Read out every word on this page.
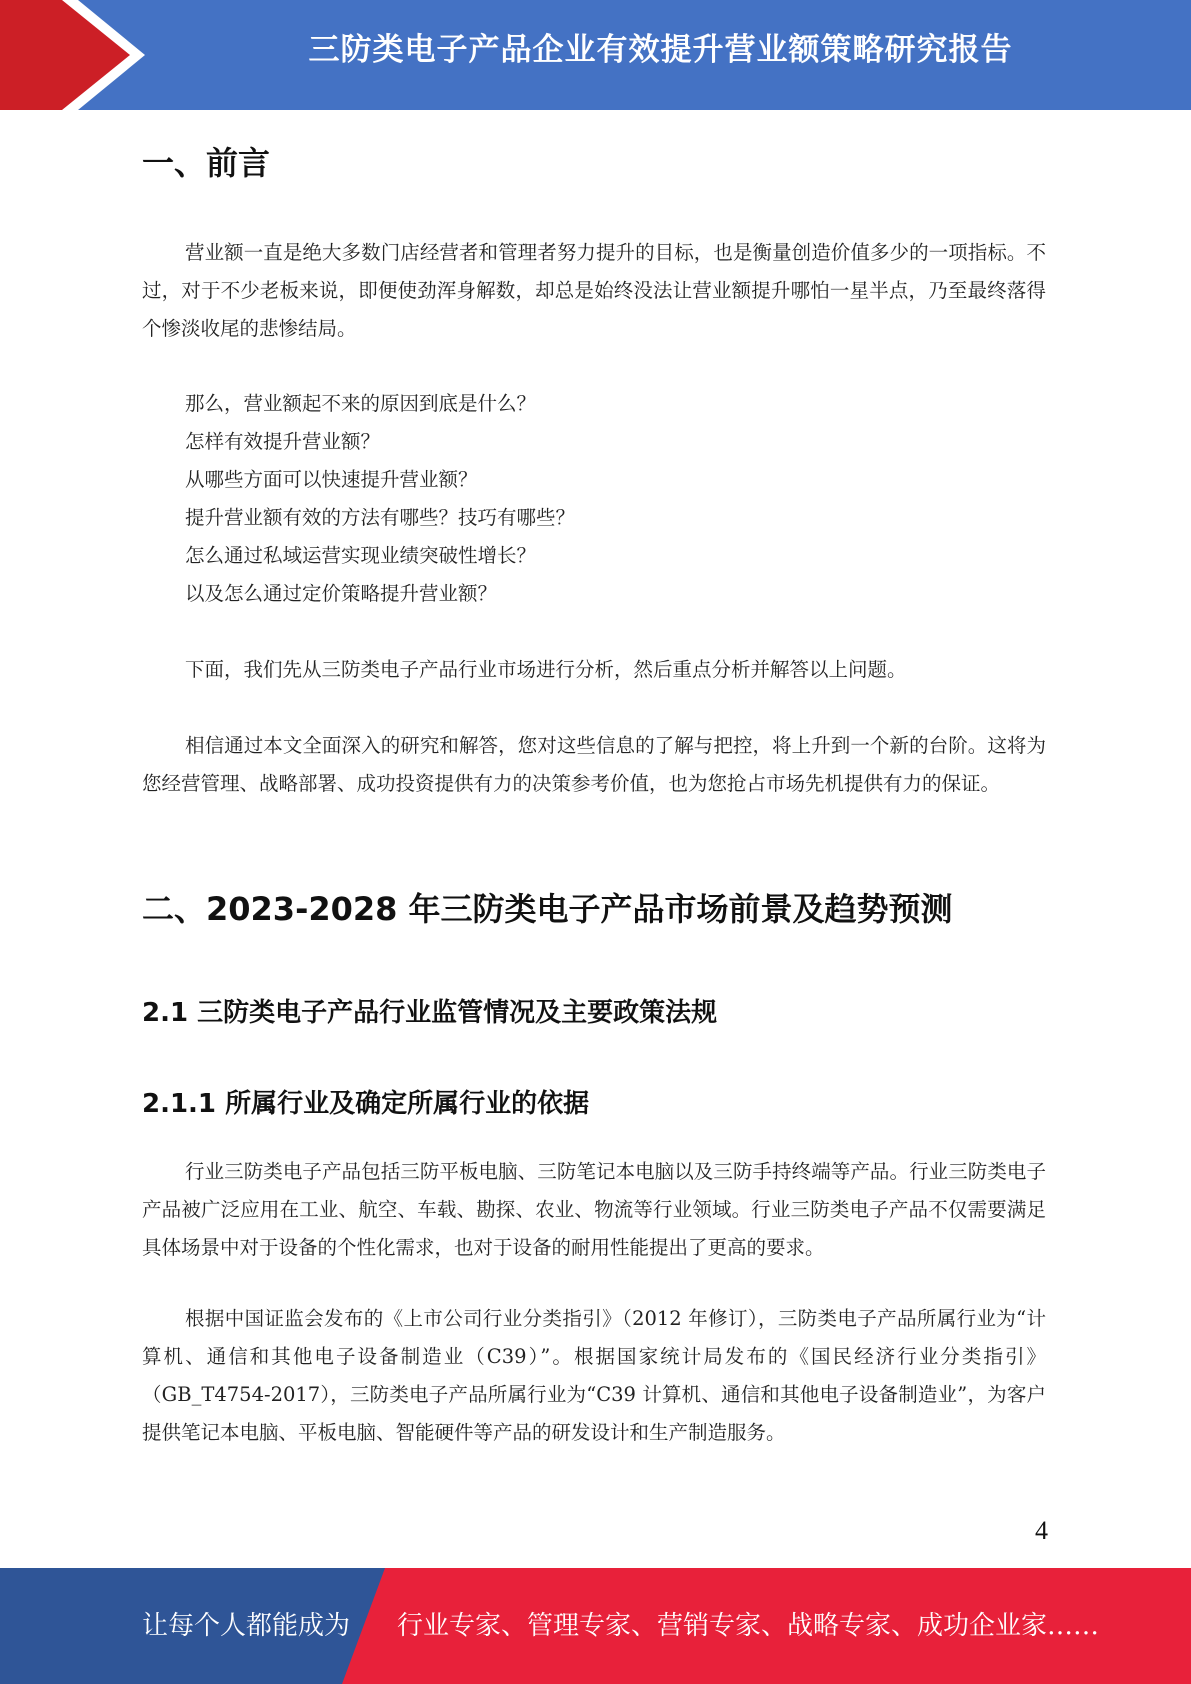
三防类电子产品企业有效提升营业额策略研究报告
一、前言

营业额一直是绝大多数门店经营者和管理者努力提升的目标，也是衡量创造价值多少的一项指标。不过，对于不少老板来说，即便使劲浑身解数，却总是始终没法让营业额提升哪怕一星半点，乃至最终落得个惨淡收尾的悲惨结局。

那么，营业额起不来的原因到底是什么？
怎样有效提升营业额？
从哪些方面可以快速提升营业额？
提升营业额有效的方法有哪些？技巧有哪些？
怎么通过私域运营实现业绩突破性增长？
以及怎么通过定价策略提升营业额？

下面，我们先从三防类电子产品行业市场进行分析，然后重点分析并解答以上问题。

相信通过本文全面深入的研究和解答，您对这些信息的了解与把控，将上升到一个新的台阶。这将为您经营管理、战略部署、成功投资提供有力的决策参考价值，也为您抢占市场先机提供有力的保证。

二、2023-2028 年三防类电子产品市场前景及趋势预测
2.1 三防类电子产品行业监管情况及主要政策法规
2.1.1 所属行业及确定所属行业的依据

行业三防类电子产品包括三防平板电脑、三防笔记本电脑以及三防手持终端等产品。行业三防类电子产品被广泛应用在工业、航空、车载、勘探、农业、物流等行业领域。行业三防类电子产品不仅需要满足具体场景中对于设备的个性化需求，也对于设备的耐用性能提出了更高的要求。

根据中国证监会发布的《上市公司行业分类指引》（2012 年修订），三防类电子产品所属行业为“计算机、通信和其他电子设备制造业（C39）”。根据国家统计局发布的《国民经济行业分类指引》（GB_T4754-2017），三防类电子产品所属行业为“C39 计算机、通信和其他电子设备制造业”，为客户提供笔记本电脑、平板电脑、智能硬件等产品的研发设计和生产制造服务。

4
让每个人都能成为 行业专家、管理专家、营销专家、战略专家、成功企业家……
